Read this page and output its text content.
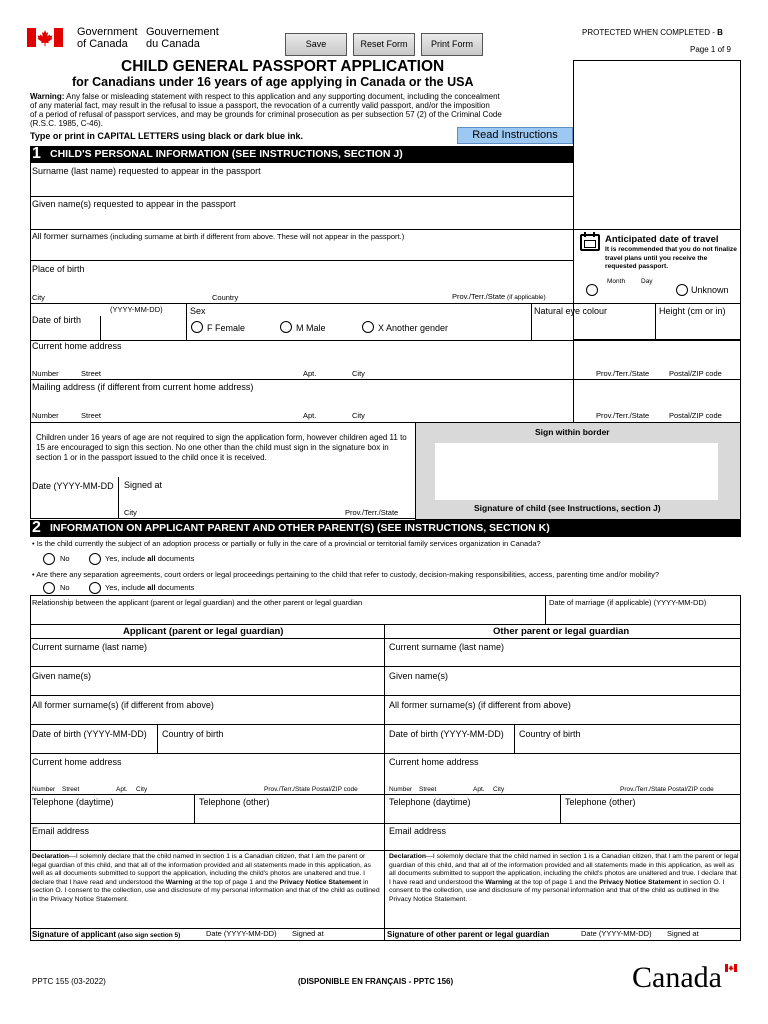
Government
of Canada
Gouvernement
du Canada	Save	Reset Form	Print Form
PROTECTED WHEN COMPLETED - B
Page 1 of 9
CHILD GENERAL PASSPORT APPLICATION
for Canadians under 16 years of age applying in Canada or the USA
Warning: Any false or misleading statement with respect to this application and any supporting document, including the concealment
of any material fact, may result in the refusal to issue a passport, the revocation of a currently valid passport, and/or the imposition
of a period of refusal of passport services, and may be grounds for criminal prosecution as per subsection 57 (2) of the Criminal Code
(R.S.C. 1985, C-46).
Type or print in CAPITAL LETTERS using black or dark blue ink.	Read Instructions
1 CHILD'S PERSONAL INFORMATION (SEE INSTRUCTIONS, SECTION J)
Surname (last name) requested to appear in the passport
Given name(s) requested to appear in the passport
All former surnames (including surname at birth if different from above. These will not appear in the passport.)
Place of birth
City	Country	Prov./Terr./State (if applicable)
(YYYY-MM-DD)
Date of birth
Sex
F Female	M Male	X Another gender
Natural eye colour	Height (cm or in)
Anticipated date of travel
It is recommended that you do not finalize travel plans until you receive the requested passport.
Month Day
Unknown
Current home address
Number	Street	Apt.	City	Prov./Terr./State	Postal/ZIP code
Mailing address (if different from current home address)
Number	Street	Apt.	City	Prov./Terr./State	Postal/ZIP code
Children under 16 years of age are not required to sign the application form, however children aged 11 to 15 are encouraged to sign this section. No one other than the child must sign in the signature box in section 1 or in the passport issued to the child once it is received.
Date (YYYY-MM-DD Signed at
City	Prov./Terr./State
Sign within border
Signature of child (see Instructions, section J)
2 INFORMATION ON APPLICANT PARENT AND OTHER PARENT(S) (SEE INSTRUCTIONS, SECTION K)
• Is the child currently the subject of an adoption process or partially or fully in the care of a provincial or territorial family services organization in Canada?
No	Yes, include all documents
• Are there any separation agreements, court orders or legal proceedings pertaining to the child that refer to custody, decision-making responsibilities, access, parenting time and/or mobility?
No	Yes, include all documents
Relationship between the applicant (parent or legal guardian) and the other parent or legal guardian	Date of marriage (if applicable) (YYYY-MM-DD)
Applicant (parent or legal guardian)	Other parent or legal guardian
Current surname (last name)
Given name(s)
All former surname(s) (if different from above)
Date of birth (YYYY-MM-DD) Country of birth
Current home address
Number Street	Apt. City	Prov./Terr./State Postal/ZIP code
Telephone (daytime)	Telephone (other)
Email address
Declaration—I solemnly declare that the child named in section 1 is a Canadian citizen, that I am the parent or legal guardian of this child, and that all of the information provided and all statements made in this application, as well as all documents submitted to support the application, including the child's photos are unaltered and true. I declare that I have read and understood the Warning at the top of page 1 and the Privacy Notice Statement in section O. I consent to the collection, use and disclosure of my personal information and that of the child as outlined in the Privacy Notice Statement.
Signature of applicant (also sign section 5)	Date (YYYY-MM-DD) Signed at
Current surname (last name)
Given name(s)
All former surname(s) (if different from above)
Date of birth (YYYY-MM-DD) Country of birth
Current home address
Number Street	Apt. City	Prov./Terr./State Postal/ZIP code
Telephone (daytime)	Telephone (other)
Email address
Declaration—I solemnly declare that the child named in section 1 is a Canadian citizen, that I am the parent or legal guardian of this child, and that all of the information provided and all statements made in this application, as well as all documents submitted to support the application, including the child's photos are unaltered and true. I declare that I have read and understood the Warning at the top of page 1 and the Privacy Notice Statement in section O. I consent to the collection, use and disclosure of my personal information and that of the child as outlined in the Privacy Notice Statement.
Signature of other parent or legal guardian	Date (YYYY-MM-DD) Signed at
PPTC 155 (03-2022)	(DISPONIBLE EN FRANÇAIS - PPTC 156)	Canada
